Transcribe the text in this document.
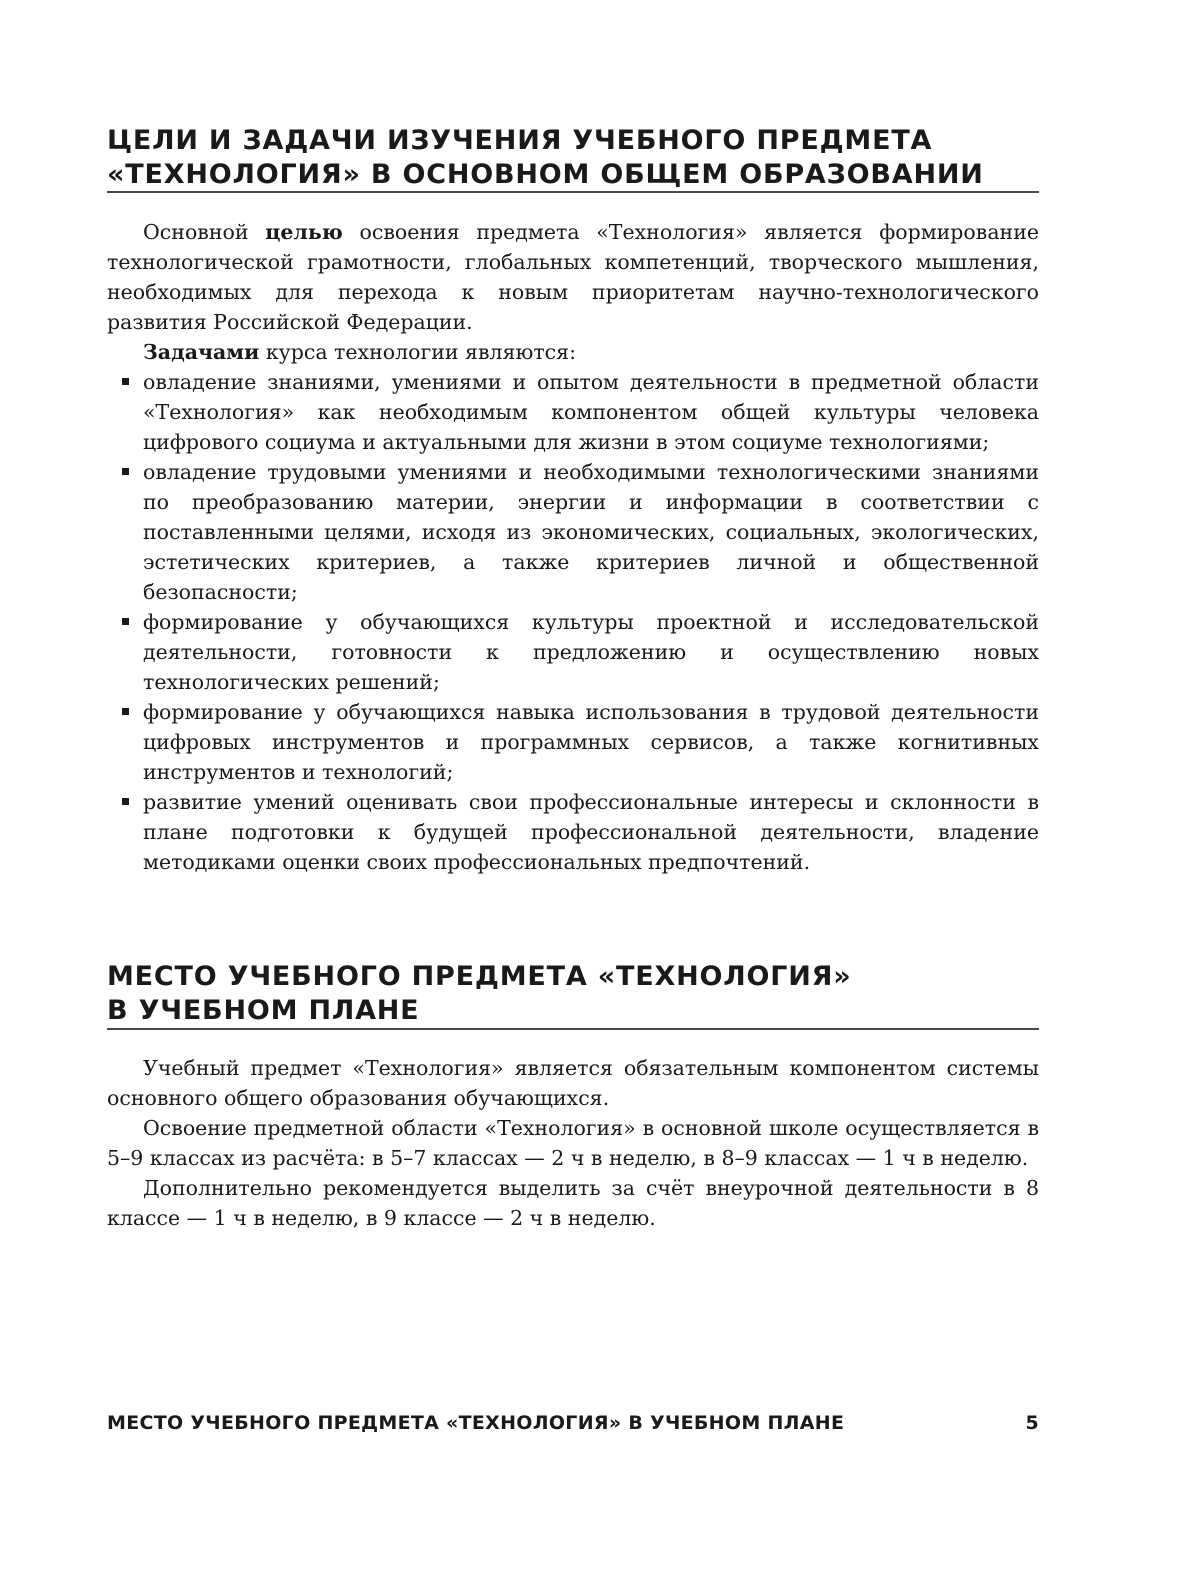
ЦЕЛИ И ЗАДАЧИ ИЗУЧЕНИЯ УЧЕБНОГО ПРЕДМЕТА
«ТЕХНОЛОГИЯ» В ОСНОВНОМ ОБЩЕМ ОБРАЗОВАНИИ

Основной целью освоения предмета «Технология» является формирование технологической грамотности, глобальных компетенций, творческого мышления, необходимых для перехода к новым приоритетам научно-технологического развития Российской Федерации.

Задачами курса технологии являются:

овладение знаниями, умениями и опытом деятельности в предметной области «Технология» как необходимым компонентом общей культуры человека цифрового социума и актуальными для жизни в этом социуме технологиями;
овладение трудовыми умениями и необходимыми технологическими знаниями по преобразованию материи, энергии и информации в соответствии с поставленными целями, исходя из экономических, социальных, экологических, эстетических критериев, а также критериев личной и общественной безопасности;
формирование у обучающихся культуры проектной и исследовательской деятельности, готовности к предложению и осуществлению новых технологических решений;
формирование у обучающихся навыка использования в трудовой деятельности цифровых инструментов и программных сервисов, а также когнитивных инструментов и технологий;
развитие умений оценивать свои профессиональные интересы и склонности в плане подготовки к будущей профессиональной деятельности, владение методиками оценки своих профессиональных предпочтений.
МЕСТО УЧЕБНОГО ПРЕДМЕТА «ТЕХНОЛОГИЯ»
В УЧЕБНОМ ПЛАНЕ

Учебный предмет «Технология» является обязательным компонентом системы основного общего образования обучающихся.

Освоение предметной области «Технология» в основной школе осуществляется в 5–9 классах из расчёта: в 5–7 классах — 2 ч в неделю, в 8–9 классах — 1 ч в неделю.

Дополнительно рекомендуется выделить за счёт внеурочной деятельности в 8 классе — 1 ч в неделю, в 9 классе — 2 ч в неделю.

МЕСТО УЧЕБНОГО ПРЕДМЕТА «ТЕХНОЛОГИЯ» В УЧЕБНОМ ПЛАНЕ	5
